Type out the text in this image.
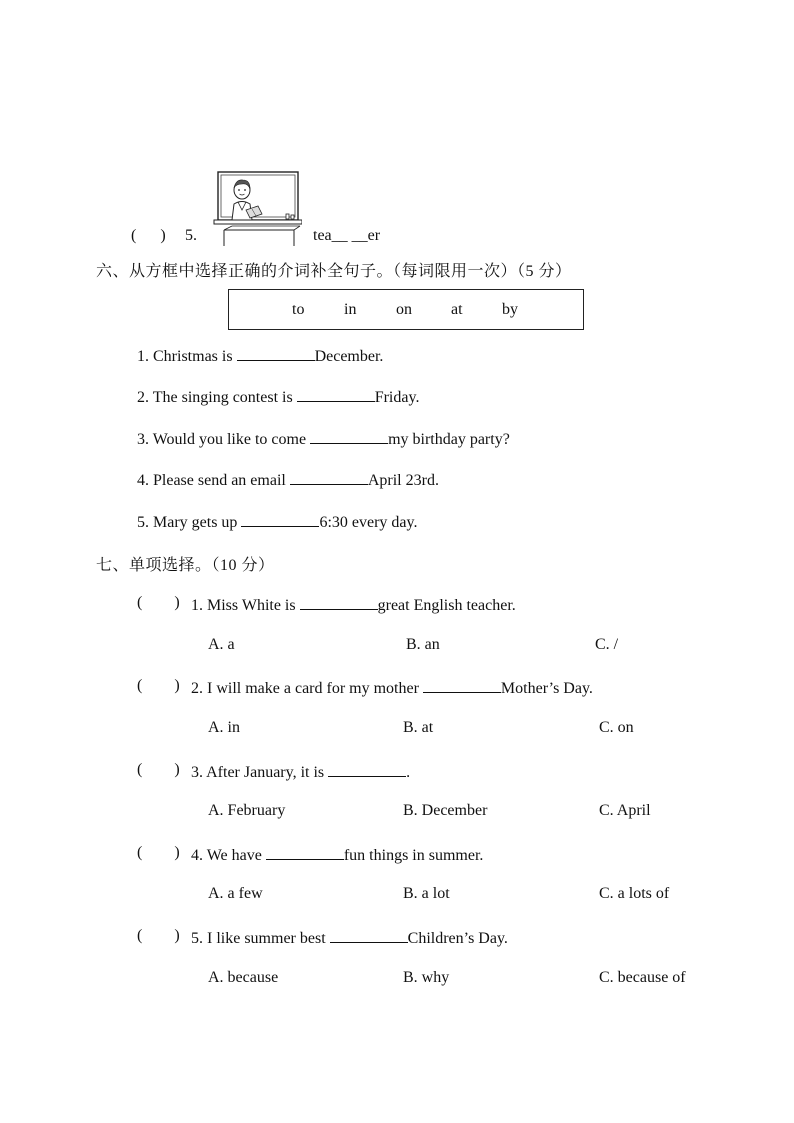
(      ) 5.	tea__ __er
六、从方框中选择正确的介词补全句子。（每词限用一次）（5 分）
to in on at by
1. Christmas is	December.
2. The singing contest is	Friday.
3. Would you like to come	my birthday party?
4. Please send an email	April 23rd.
5. Mary gets up	6:30 every day.
七、单项选择。（10 分）
(        ) 1. Miss White is	great English teacher.
A. a	B. an	C. /
(        ) 2. I will make a card for my mother	Mother’s Day.
A. in	B. at	C. on
(        ) 3. After January, it is	.
A. February	B. December	C. April
(        ) 4. We have	fun things in summer.
A. a few	B. a lot	C. a lots of
(        ) 5. I like summer best	Children’s Day.
A. because	B. why	C. because of
